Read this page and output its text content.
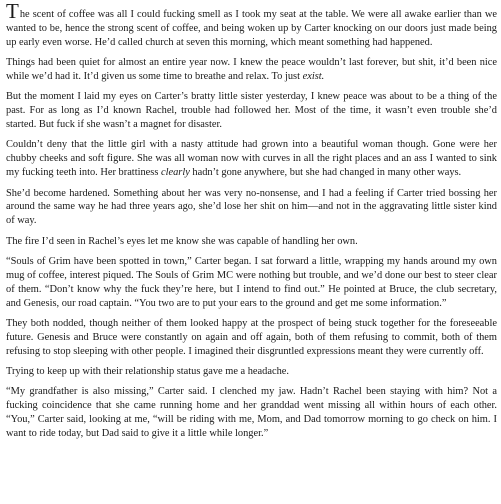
The scent of coffee was all I could fucking smell as I took my seat at the table. We were all awake earlier than we wanted to be, hence the strong scent of coffee, and being woken up by Carter knocking on our doors just made being up early even worse. He’d called church at seven this morning, which meant something had happened.

Things had been quiet for almost an entire year now. I knew the peace wouldn’t last forever, but shit, it’d been nice while we’d had it. It’d given us some time to breathe and relax. To just exist.

But the moment I laid my eyes on Carter’s bratty little sister yesterday, I knew peace was about to be a thing of the past. For as long as I’d known Rachel, trouble had followed her. Most of the time, it wasn’t even trouble she’d started. But fuck if she wasn’t a magnet for disaster.

Couldn’t deny that the little girl with a nasty attitude had grown into a beautiful woman though. Gone were her chubby cheeks and soft figure. She was all woman now with curves in all the right places and an ass I wanted to sink my fucking teeth into. Her brattiness clearly hadn’t gone anywhere, but she had changed in many other ways.

She’d become hardened. Something about her was very no-nonsense, and I had a feeling if Carter tried bossing her around the same way he had three years ago, she’d lose her shit on him—and not in the aggravating little sister kind of way.

The fire I’d seen in Rachel’s eyes let me know she was capable of handling her own.

“Souls of Grim have been spotted in town,” Carter began. I sat forward a little, wrapping my hands around my own mug of coffee, interest piqued. The Souls of Grim MC were nothing but trouble, and we’d done our best to steer clear of them. “Don’t know why the fuck they’re here, but I intend to find out.” He pointed at Bruce, the club secretary, and Genesis, our road captain. “You two are to put your ears to the ground and get me some information.”

They both nodded, though neither of them looked happy at the prospect of being stuck together for the foreseeable future. Genesis and Bruce were constantly on again and off again, both of them refusing to commit, both of them refusing to stop sleeping with other people. I imagined their disgruntled expressions meant they were currently off.

Trying to keep up with their relationship status gave me a headache.

“My grandfather is also missing,” Carter said. I clenched my jaw. Hadn’t Rachel been staying with him? Not a fucking coincidence that she came running home and her granddad went missing all within hours of each other. “You,” Carter said, looking at me, “will be riding with me, Mom, and Dad tomorrow morning to go check on him. I want to ride today, but Dad said to give it a little while longer.”
